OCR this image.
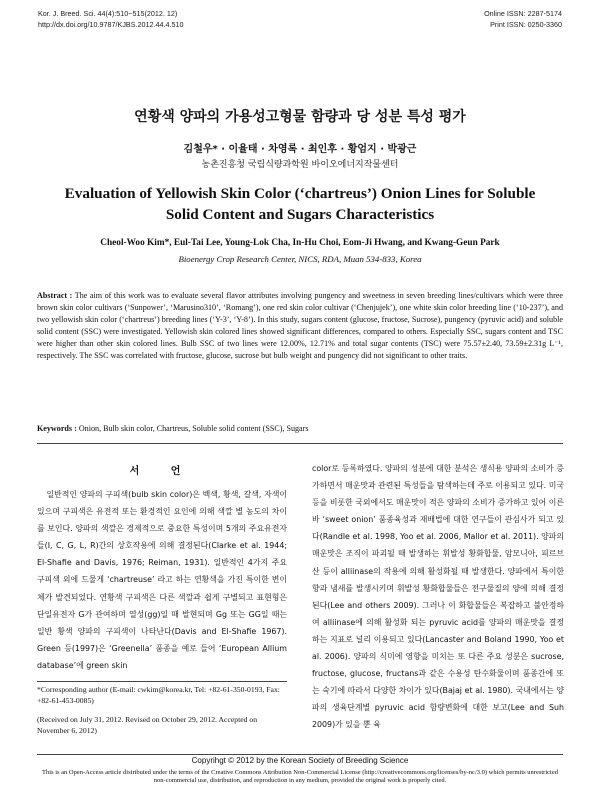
Kor. J. Breed. Sci. 44(4):510~515(2012. 12)
http://dx.doi.org/10.9787/KJBS.2012.44.4.510
Online ISSN: 2287-5174
Print ISSN: 0250-3360
연황색 양파의 가용성고형물 함량과 당 성분 특성 평가
김철우* · 이율태 · 차영록 · 최인후 · 황엄지 · 박광근
농촌진흥청 국립식량과학원 바이오에너지작물센터
Evaluation of Yellowish Skin Color (‘chartreus’) Onion Lines for Soluble
Solid Content and Sugars Characteristics
Cheol-Woo Kim*, Eul-Tai Lee, Young-Lok Cha, In-Hu Choi, Eom-Ji Hwang, and Kwang-Geun Park
Bioenergy Crop Research Center, NICS, RDA, Muan 534-833, Korea
Abstract : The aim of this work was to evaluate several flavor attributes involving pungency and sweetness in seven breeding lines/cultivars which were three brown skin color cultivars (‘Sunpower’, ‘Marusino310’, ‘Romang’), one red skin color cultivar (‘Chenjujek’), one white skin color breeding line (‘10-237’), and two yellowish skin color (‘chartreus’) breeding lines (‘Y-3’, ‘Y-8’). In this study, sugars content (glucose, fructose, Sucrose), pungency (pyruvic acid) and soluble solid content (SSC) were investigated. Yellowish skin colored lines showed significant differences, compared to others. Especially SSC, sugars content and TSC were higher than other skin colored lines. Bulb SSC of two lines were 12.00%, 12.71% and total sugar contents (TSC) were 75.57±2.40, 73.59±2.31g L⁻¹, respectively. The SSC was correlated with fructose, glucose, sucrose but bulb weight and pungency did not significant to other traits.
Keywords : Onion, Bulb skin color, Chartreus, Soluble solid content (SSC), Sugars
서 언
일반적인 양파의 구피색(bulb skin color)은 백색, 황색, 갈색, 자색이 있으며 구피색은 유전적 또는 환경적인 요인에 의해 색깔 별 농도의 차이를 보인다. 양파의 색깔은 경제적으로 중요한 특성이며 5개의 주요유전자들(I, C, G, L, R)간의 상호작용에 의해 결정된다(Clarke et al. 1944; El-Shafie and Davis, 1976; Reiman, 1931). 일반적인 4가지 주요 구피색 외에 드물게 ‘chartreuse’ 라고 하는 연황색을 가진 특이한 변이체가 발견되었다. 연황색 구피색은 다른 색깔과 쉽게 구별되고 표현형은 단일유전자 G가 관여하며 열성(gg)일 때 발현되며 Gg 또는 GG일 때는 일반 황색 양파의 구피색이 나타난다(Davis and El-Shafie 1967). Green 등(1997)은 ‘Greenella’ 품종을 예로 들어 ‘European Allium database’에 green skin
color로 등록하였다. 양파의 성분에 대한 분석은 생식용 양파의 소비가 증가하면서 매운맛과 관련된 특성들을 탐색하는데 주로 이용되고 있다. 미국 등을 비롯한 국외에서도 매운맛이 적은 양파의 소비가 증가하고 있어 이른바 ‘sweet onion’ 품종육성과 재배법에 대한 연구들이 관심사가 되고 있다(Randle et al. 1998, Yoo et al. 2006, Mallor et al. 2011). 양파의 매운맛은 조직이 파괴될 때 발생하는 휘발성 황화합물, 암모니아, 피르브산 등이 alliinase의 작용에 의해 활성화될 때 발생한다. 양파에서 특이한 향과 냄새를 발생시키며 휘발성 황화합물들은 전구물질의 양에 의해 결정된다(Lee and others 2009). 그러나 이 화합물들은 복잡하고 불안정하여 alliinase에 의해 활성화 되는 pyruvic acid를 양파의 매운맛을 결정하는 지표로 널리 이용되고 있다(Lancaster and Boland 1990, Yoo et al. 2006). 양파의 식미에 영향을 미치는 또 다른 주요 성분은 sucrose, fructose, glucose, fructans과 같은 수용성 탄수화물이며 품종간에 또는 숙기에 따라서 다양한 차이가 있다(Bajaj et al. 1980). 국내에서는 양파의 생육단계별 pyruvic acid 함량변화에 대한 보고(Lee and Suh 2009)가 있을 뿐 육
*Corresponding author (E-mail: cwkim@korea.kr, Tel: +82-61-350-0193, Fax: +82-61-453-0085)
(Received on July 31, 2012. Revised on October 29, 2012. Accepted on November 6, 2012)
Copyrihgt © 2012 by the Korean Society of Breeding Science
This is an Open-Access article distributed under the terms of the Creative Commons Attribution Non-Commercial License (http://creativecommons.org/licenses/by-nc/3.0) which permits unrestricted non-commercial use, distribution, and reproduction in any medium, provided the original work is properly cited.
